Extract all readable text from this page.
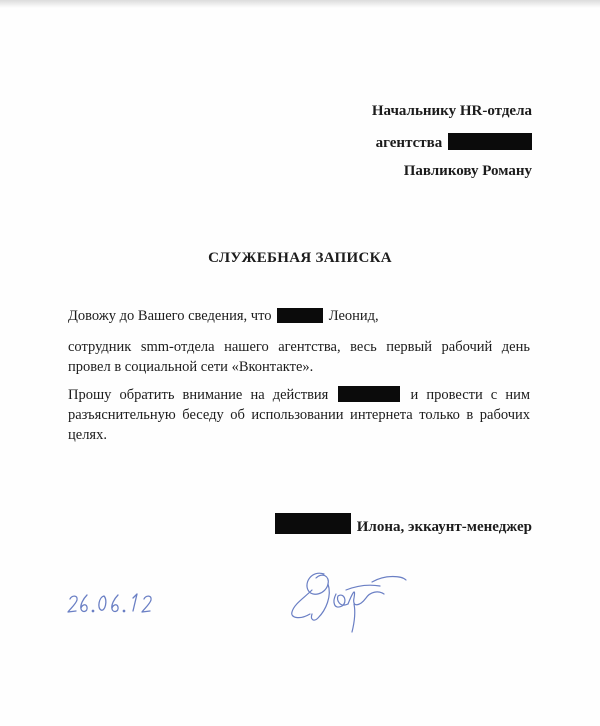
Начальнику HR-отдела
агентства
Павликову Роману
СЛУЖЕБНАЯ ЗАПИСКА
Довожу до Вашего сведения, что	Леонид,
сотрудник smm-отдела нашего агентства, весь первый рабочий день провел в социальной сети «Вконтакте».
Прошу обратить внимание на действия	и провести с ним разъяснительную беседу об использовании интернета только в рабочих целях.
Илона, эккаунт-менеджер
